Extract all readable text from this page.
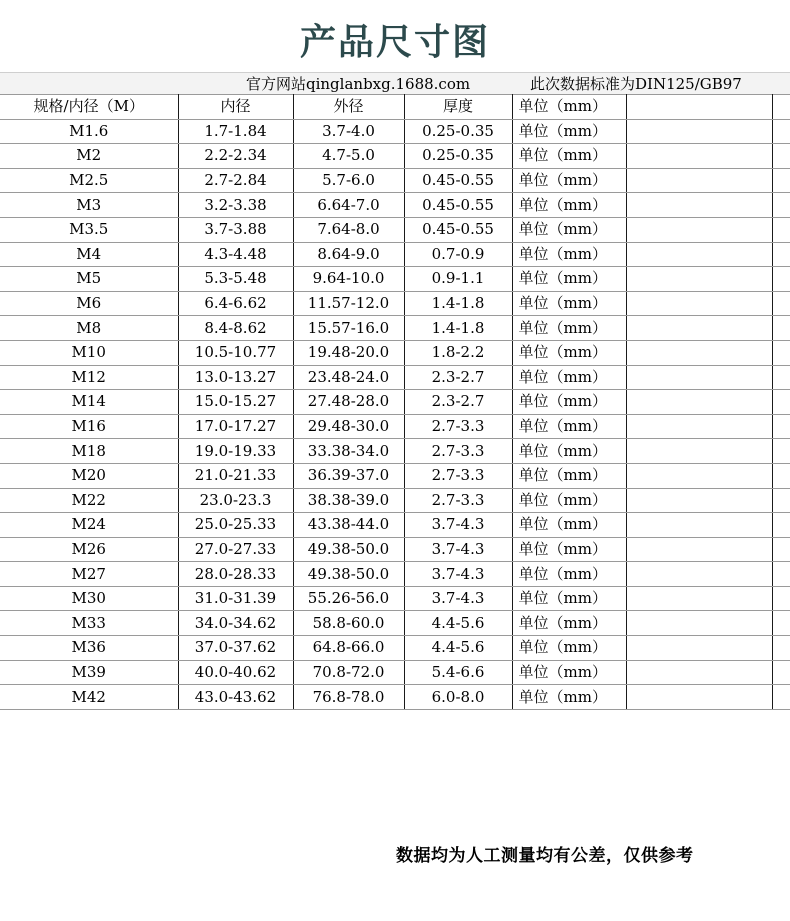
产品尺寸图
官方网站qinglanbxg.1688.com	此次数据标准为DIN125/GB97
规格/内径（M）	内径	外径	厚度	单位（mm）		
M1.6	1.7-1.84	3.7-4.0	0.25-0.35	单位（mm）		
M2	2.2-2.34	4.7-5.0	0.25-0.35	单位（mm）		
M2.5	2.7-2.84	5.7-6.0	0.45-0.55	单位（mm）		
M3	3.2-3.38	6.64-7.0	0.45-0.55	单位（mm）		
M3.5	3.7-3.88	7.64-8.0	0.45-0.55	单位（mm）		
M4	4.3-4.48	8.64-9.0	0.7-0.9	单位（mm）		
M5	5.3-5.48	9.64-10.0	0.9-1.1	单位（mm）		
M6	6.4-6.62	11.57-12.0	1.4-1.8	单位（mm）		
M8	8.4-8.62	15.57-16.0	1.4-1.8	单位（mm）		
M10	10.5-10.77	19.48-20.0	1.8-2.2	单位（mm）		
M12	13.0-13.27	23.48-24.0	2.3-2.7	单位（mm）		
M14	15.0-15.27	27.48-28.0	2.3-2.7	单位（mm）		
M16	17.0-17.27	29.48-30.0	2.7-3.3	单位（mm）		
M18	19.0-19.33	33.38-34.0	2.7-3.3	单位（mm）		
M20	21.0-21.33	36.39-37.0	2.7-3.3	单位（mm）		
M22	23.0-23.3	38.38-39.0	2.7-3.3	单位（mm）		
M24	25.0-25.33	43.38-44.0	3.7-4.3	单位（mm）		
M26	27.0-27.33	49.38-50.0	3.7-4.3	单位（mm）		
M27	28.0-28.33	49.38-50.0	3.7-4.3	单位（mm）		
M30	31.0-31.39	55.26-56.0	3.7-4.3	单位（mm）		
M33	34.0-34.62	58.8-60.0	4.4-5.6	单位（mm）		
M36	37.0-37.62	64.8-66.0	4.4-5.6	单位（mm）		
M39	40.0-40.62	70.8-72.0	5.4-6.6	单位（mm）		
M42	43.0-43.62	76.8-78.0	6.0-8.0	单位（mm）		
数据均为人工测量均有公差，仅供参考
